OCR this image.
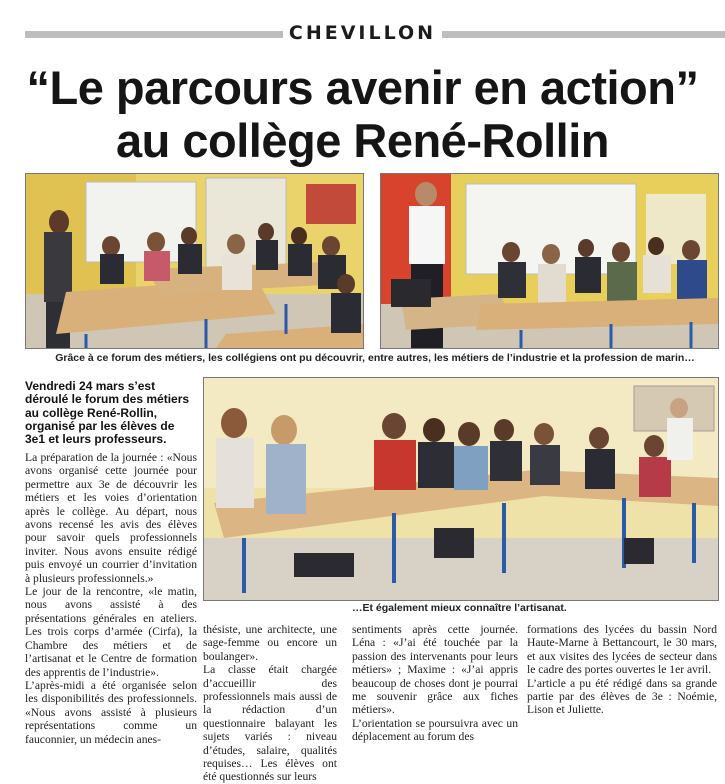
CHEVILLON
“Le parcours avenir en action”
au collège René-Rollin
Grâce à ce forum des métiers, les collégiens ont pu découvrir, entre autres, les métiers de l’industrie et la profession de marin…
Vendredi 24 mars s’est déroulé le forum des métiers au collège René-Rollin, organisé par les élèves de 3e1 et leurs professeurs.
…Et également mieux connaître l’artisanat.

La préparation de la journée : «Nous avons organisé cette journée pour permettre aux 3e de découvrir les métiers et les voies d’orientation après le collège. Au départ, nous avons recensé les avis des élèves pour savoir quels professionnels inviter. Nous avons ensuite rédigé puis envoyé un courrier d’invitation à plusieurs professionnels.»

Le jour de la rencontre, «le matin, nous avons assisté à des présentations générales en ateliers. Les trois corps d’armée (Cirfa), la Chambre des métiers et de l’artisanat et le Centre de formation des apprentis de l’industrie».

L’après-midi a été organisée selon les disponibilités des professionnels. «Nous avons assisté à plusieurs représentations comme un fauconnier, un médecin anes-

thésiste, une architecte, une sage-femme ou encore un boulanger».

La classe était chargée d’accueillir des professionnels mais aussi de la rédaction d’un questionnaire balayant les sujets variés : niveau d’études, salaire, qualités requises… Les élèves ont été questionnés sur leurs

sentiments après cette journée. Léna : «J’ai été touchée par la passion des intervenants pour leurs métiers» ; Maxime : «J’ai appris beaucoup de choses dont je pourrai me souvenir grâce aux fiches métiers».

L’orientation se poursuivra avec un déplacement au forum des

formations des lycées du bassin Nord Haute-Marne à Bettancourt, le 30 mars, et aux visites des lycées de secteur dans le cadre des portes ouvertes le 1er avril.

L’article a pu été rédigé dans sa grande partie par des élèves de 3e : Noémie, Lison et Juliette.
